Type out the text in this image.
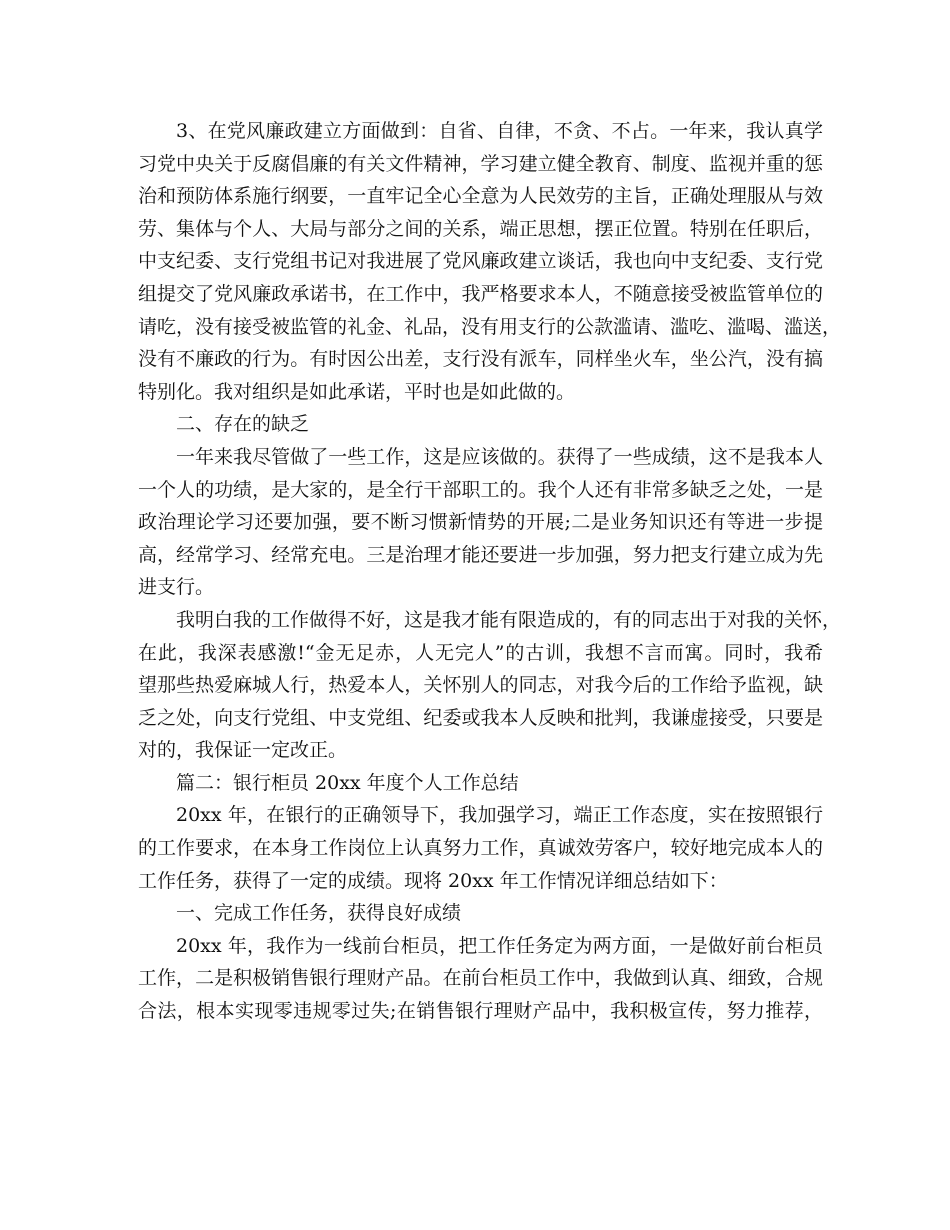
3、在党风廉政建立方面做到：自省、自律，不贪、不占。一年来，我认真学
习党中央关于反腐倡廉的有关文件精神，学习建立健全教育、制度、监视并重的惩
治和预防体系施行纲要，一直牢记全心全意为人民效劳的主旨，正确处理服从与效
劳、集体与个人、大局与部分之间的关系，端正思想，摆正位置。特别在任职后，
中支纪委、支行党组书记对我进展了党风廉政建立谈话，我也向中支纪委、支行党
组提交了党风廉政承诺书，在工作中，我严格要求本人，不随意接受被监管单位的
请吃，没有接受被监管的礼金、礼品，没有用支行的公款滥请、滥吃、滥喝、滥送，
没有不廉政的行为。有时因公出差，支行没有派车，同样坐火车，坐公汽，没有搞
特别化。我对组织是如此承诺，平时也是如此做的。
二、存在的缺乏
一年来我尽管做了一些工作，这是应该做的。获得了一些成绩，这不是我本人
一个人的功绩，是大家的，是全行干部职工的。我个人还有非常多缺乏之处，一是
政治理论学习还要加强，要不断习惯新情势的开展;二是业务知识还有等进一步提
高，经常学习、经常充电。三是治理才能还要进一步加强，努力把支行建立成为先
进支行。
我明白我的工作做得不好，这是我才能有限造成的，有的同志出于对我的关怀，
在此，我深表感激!“金无足赤，人无完人”的古训，我想不言而寓。同时，我希
望那些热爱麻城人行，热爱本人，关怀别人的同志，对我今后的工作给予监视，缺
乏之处，向支行党组、中支党组、纪委或我本人反映和批判，我谦虚接受，只要是
对的，我保证一定改正。
篇二：银行柜员 20xx 年度个人工作总结
20xx 年，在银行的正确领导下，我加强学习，端正工作态度，实在按照银行
的工作要求，在本身工作岗位上认真努力工作，真诚效劳客户，较好地完成本人的
工作任务，获得了一定的成绩。现将 20xx 年工作情况详细总结如下：
一、完成工作任务，获得良好成绩
20xx 年，我作为一线前台柜员，把工作任务定为两方面，一是做好前台柜员
工作，二是积极销售银行理财产品。在前台柜员工作中，我做到认真、细致，合规
合法，根本实现零违规零过失;在销售银行理财产品中，我积极宣传，努力推荐，
